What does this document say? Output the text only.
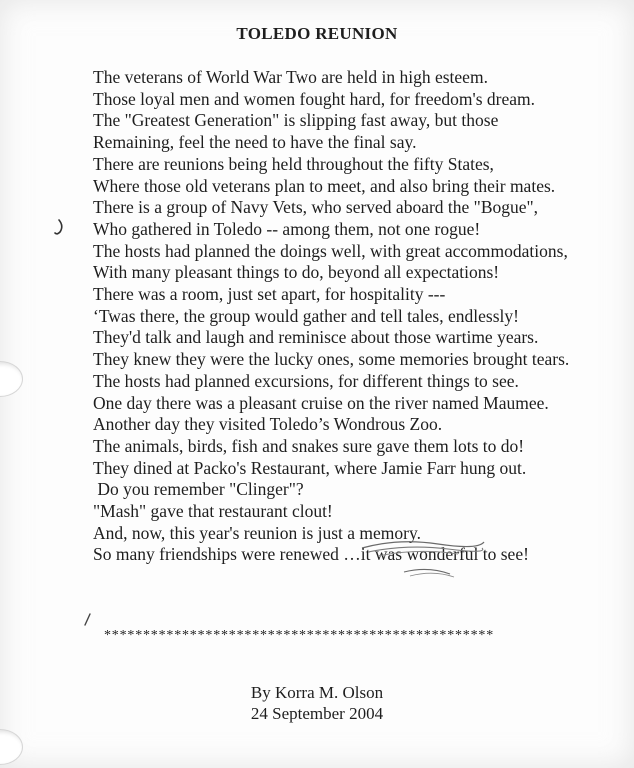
TOLEDO REUNION
The veterans of World War Two are held in high esteem.
Those loyal men and women fought hard, for freedom's dream.
The "Greatest Generation" is slipping fast away, but those
Remaining, feel the need to have the final say.
There are reunions being held throughout the fifty States,
Where those old veterans plan to meet, and also bring their mates.
There is a group of Navy Vets, who served aboard the "Bogue",
Who gathered in Toledo -- among them, not one rogue!
The hosts had planned the doings well, with great accommodations,
With many pleasant things to do, beyond all expectations!
There was a room, just set apart, for hospitality ---
‘Twas there, the group would gather and tell tales, endlessly!
They'd talk and laugh and reminisce about those wartime years.
They knew they were the lucky ones, some memories brought tears.
The hosts had planned excursions, for different things to see.
One day there was a pleasant cruise on the river named Maumee.
Another day they visited Toledo’s Wondrous Zoo.
The animals, birds, fish and snakes sure gave them lots to do!
They dined at Packo's Restaurant, where Jamie Farr hung out.
Do you remember "Clinger"?
"Mash" gave that restaurant clout!
And, now, this year's reunion is just a memory.
So many friendships were renewed …it was wonderful to see!
**************************************************
By Korra M. Olson
24 September 2004
